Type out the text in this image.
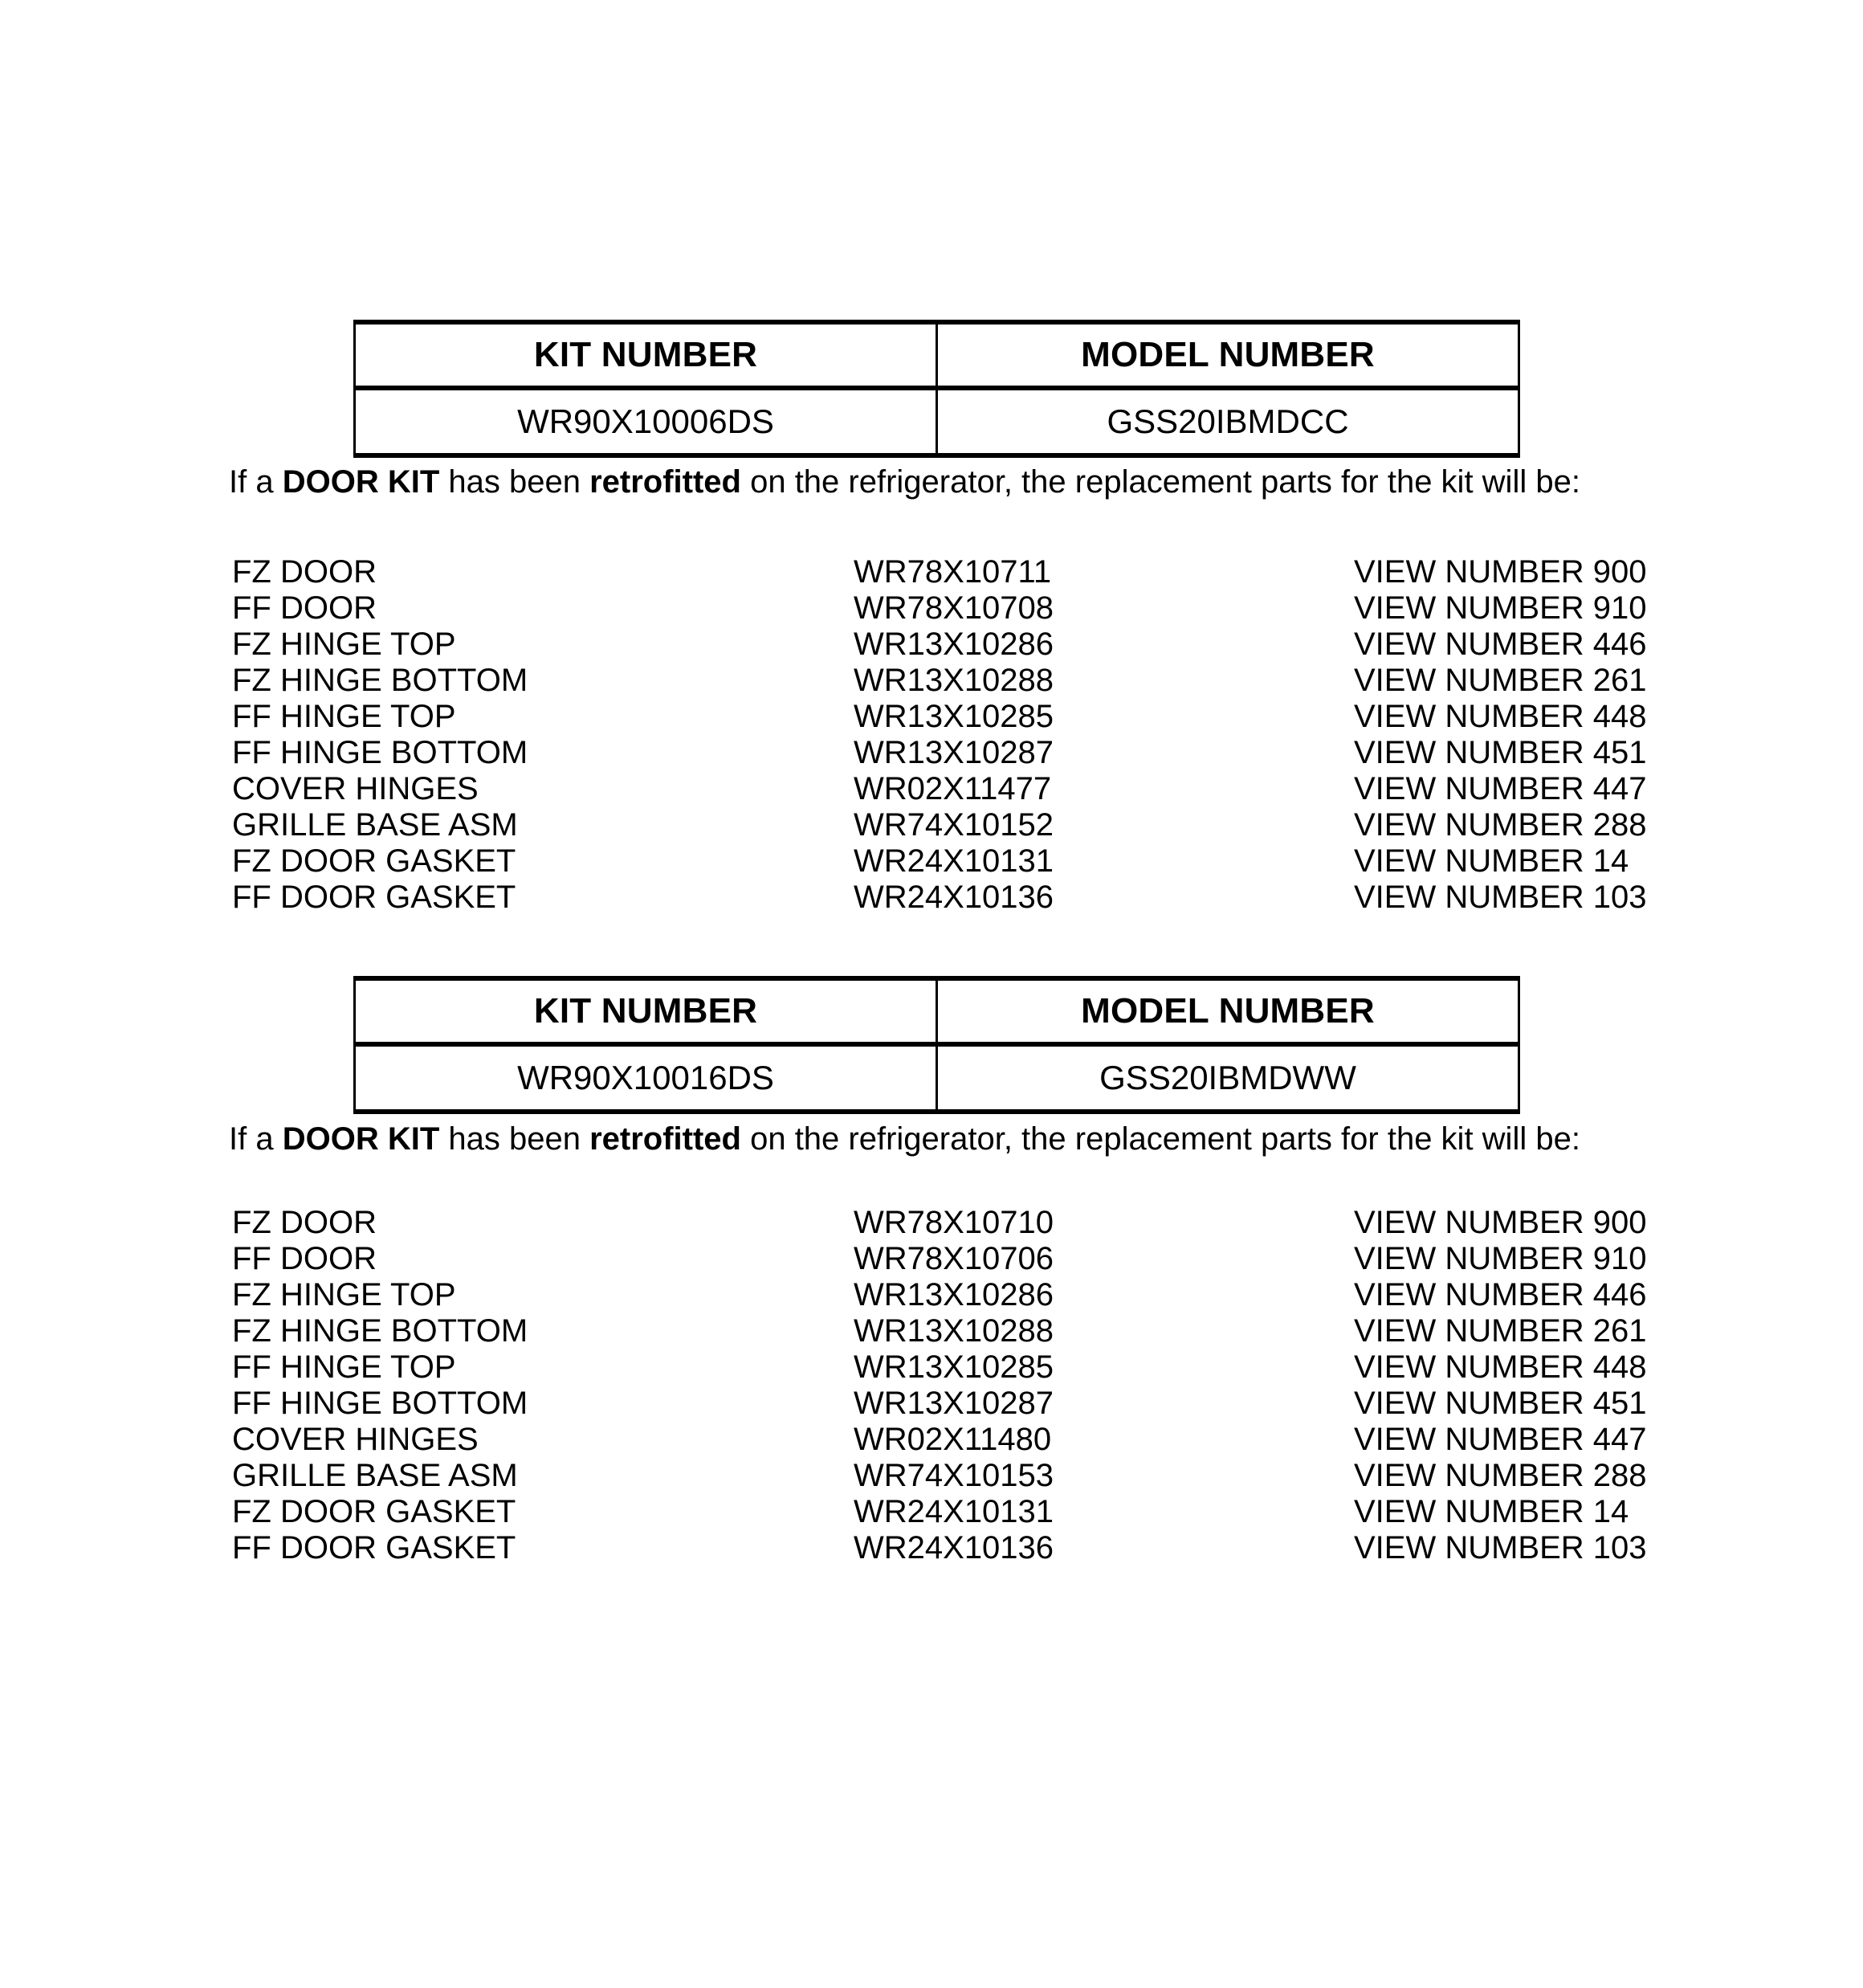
KIT NUMBER	MODEL NUMBER

WR90X10006DS	GSS20IBMDCC
If a DOOR KIT has been retrofitted on the refrigerator, the replacement parts for the kit will be:
FZ DOOR	WR78X10711	VIEW NUMBER 900
FF DOOR	WR78X10708	VIEW NUMBER 910
FZ HINGE TOP	WR13X10286	VIEW NUMBER 446
FZ HINGE BOTTOM	WR13X10288	VIEW NUMBER 261
FF HINGE TOP	WR13X10285	VIEW NUMBER 448
FF HINGE BOTTOM	WR13X10287	VIEW NUMBER 451
COVER HINGES	WR02X11477	VIEW NUMBER 447
GRILLE BASE ASM	WR74X10152	VIEW NUMBER 288
FZ DOOR GASKET	WR24X10131	VIEW NUMBER 14
FF DOOR GASKET	WR24X10136	VIEW NUMBER 103
KIT NUMBER	MODEL NUMBER

WR90X10016DS	GSS20IBMDWW
If a DOOR KIT has been retrofitted on the refrigerator, the replacement parts for the kit will be:
FZ DOOR	WR78X10710	VIEW NUMBER 900
FF DOOR	WR78X10706	VIEW NUMBER 910
FZ HINGE TOP	WR13X10286	VIEW NUMBER 446
FZ HINGE BOTTOM	WR13X10288	VIEW NUMBER 261
FF HINGE TOP	WR13X10285	VIEW NUMBER 448
FF HINGE BOTTOM	WR13X10287	VIEW NUMBER 451
COVER HINGES	WR02X11480	VIEW NUMBER 447
GRILLE BASE ASM	WR74X10153	VIEW NUMBER 288
FZ DOOR GASKET	WR24X10131	VIEW NUMBER 14
FF DOOR GASKET	WR24X10136	VIEW NUMBER 103
